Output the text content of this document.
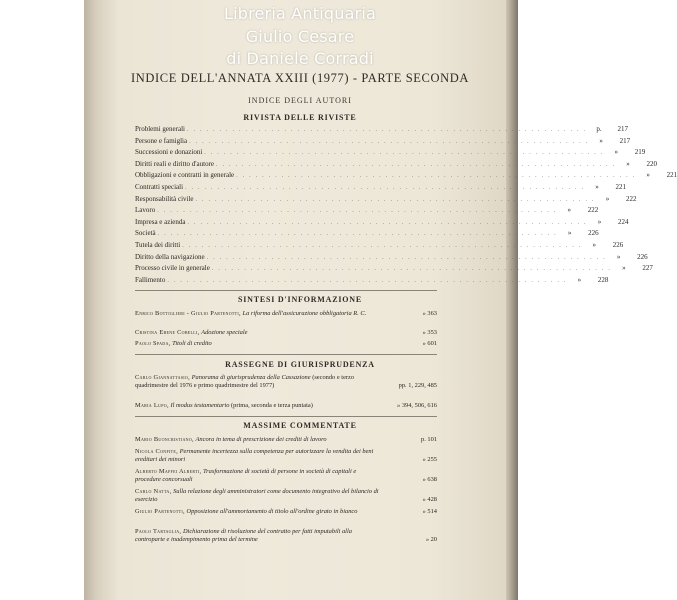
Libreria Antiquaria
Giulio Cesare
di Daniele Corradi
INDICE DELL'ANNATA XXIII (1977) - PARTE SECONDA
INDICE DEGLI AUTORI
RIVISTA DELLE RIVISTE
Problemi generali .............................................................. p.	217
Persone e famiglia ..............................................................	»	217
Successioni e donazioni ..............................................................	»	219
Diritti reali e diritto d'autore ..............................................................	»	220
Obbligazioni e contratti in generale ..............................................................	»	221
Contratti speciali ..............................................................	»	221
Responsabilità civile ..............................................................	»	222
Lavoro ..............................................................	»	222
Impresa e azienda ..............................................................	»	224
Società ..............................................................	»	226
Tutela dei diritti ..............................................................	»	226
Diritto della navigazione ..............................................................	»	226
Processo civile in generale ..............................................................	»	227
Fallimento ..............................................................	»	228
SINTESI D'INFORMAZIONE
Enrico Bottiglieri - Giulio Partenotti, La riforma dell'assicurazione obbligatoria R. C.	» 363
Cristina Ebene Cobelli, Adozione speciale	» 353
Paolo Spada, Titoli di credito	» 601
RASSEGNE DI GIURISPRUDENZA
Carlo Giannattasio, Panorama di giurisprudenza della Cassazione (secondo e terzo quadrimestre del 1976 e primo quadrimestre del 1977)	pp. 1, 229, 485
Maria Lupo, Il modus testamentario (prima, seconda e terza puntata)	» 394, 506, 616
MASSIME COMMENTATE
Mario Buoncristiano, Ancora in tema di prescrizione dei crediti di lavoro	p. 101
Nicola Confite, Permanente incertezza sulla competenza per autorizzare la vendita dei beni ereditari dei minori	» 255
Alberto Maffei Alberti, Trasformazione di società di persone in società di capitali e procedure concorsuali	» 638
Carlo Natta, Sulla relazione degli amministratori come documento integrativo del bilancio di esercizio	» 428
Giulio Partenotti, Opposizione all'ammortamento di titolo all'ordine girato in bianco	» 514
Paolo Tartaglia, Dichiarazione di risoluzione del contratto per fatti imputabili alla controparte e inadempimento prima del termine	» 20
